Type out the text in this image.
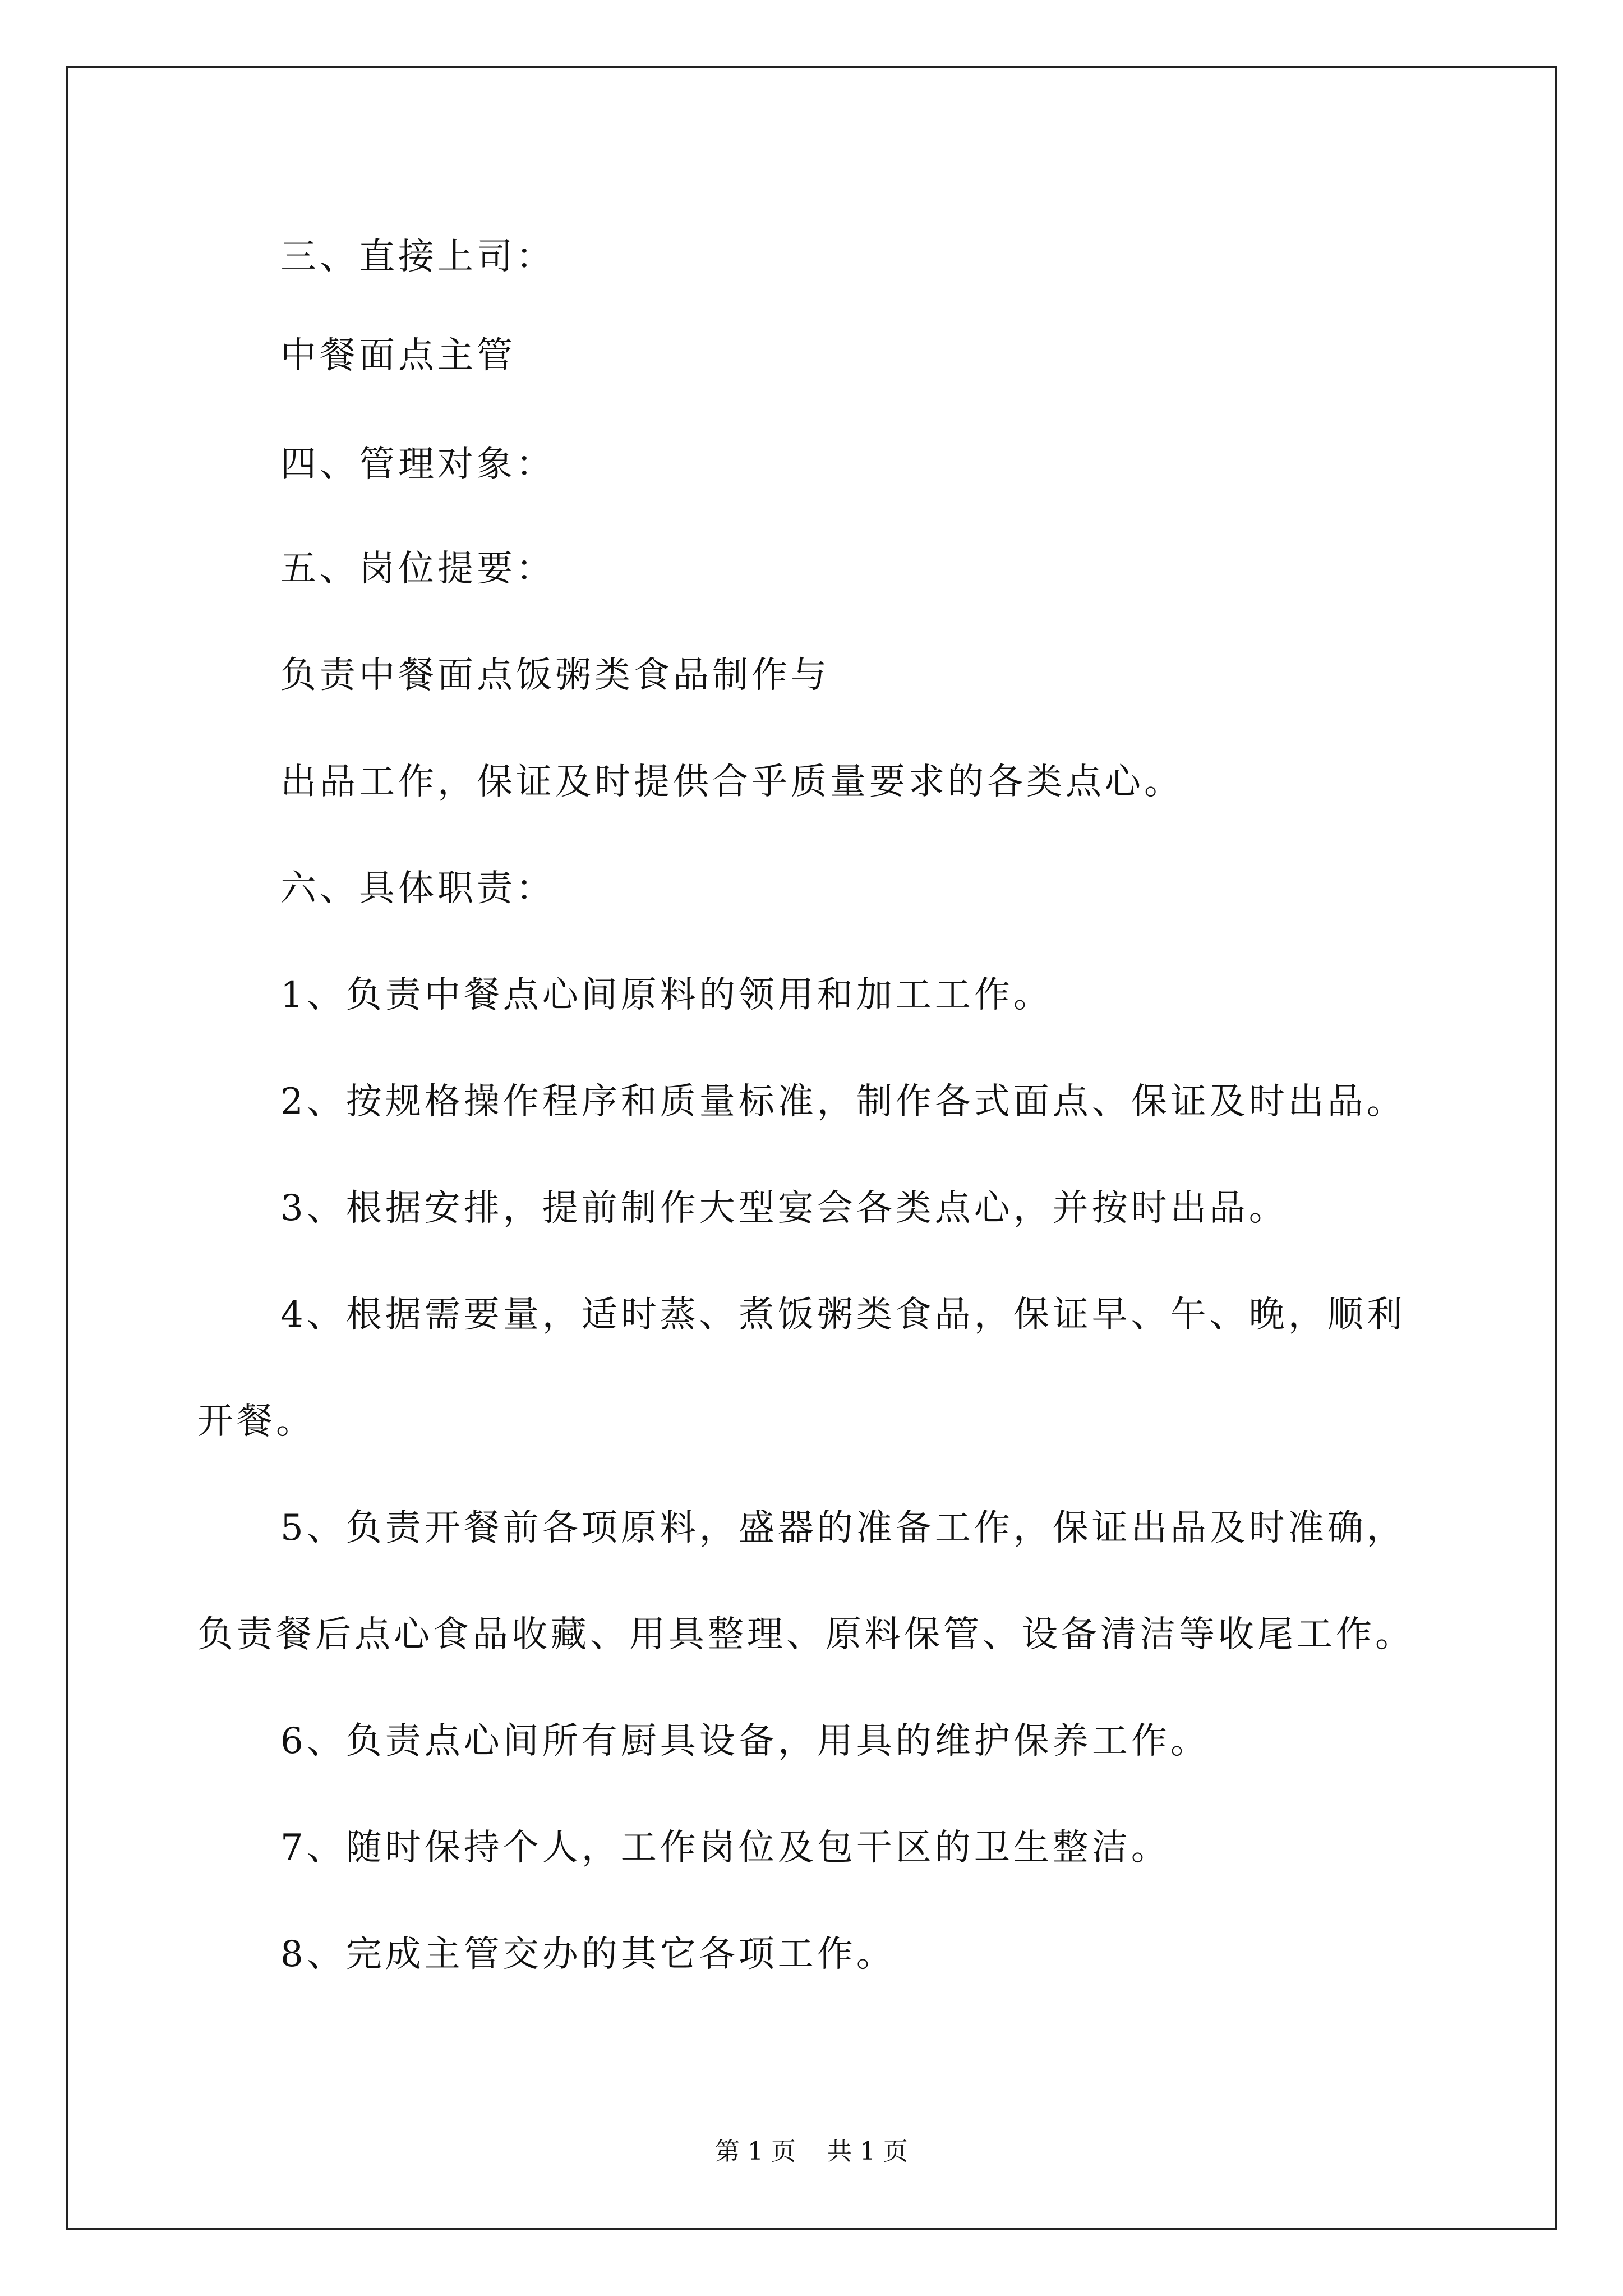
三、直接上司：
中餐面点主管
四、管理对象：
五、岗位提要：
负责中餐面点饭粥类食品制作与
出品工作，保证及时提供合乎质量要求的各类点心。
六、具体职责：
1、负责中餐点心间原料的领用和加工工作。
2、按规格操作程序和质量标准，制作各式面点、保证及时出品。
3、根据安排，提前制作大型宴会各类点心，并按时出品。
4、根据需要量，适时蒸、煮饭粥类食品，保证早、午、晚，顺利
开餐。
5、负责开餐前各项原料，盛器的准备工作，保证出品及时准确，
负责餐后点心食品收藏、用具整理、原料保管、设备清洁等收尾工作。
6、负责点心间所有厨具设备，用具的维护保养工作。
7、随时保持个人，工作岗位及包干区的卫生整洁。
8、完成主管交办的其它各项工作。
第 1 页    共 1 页
